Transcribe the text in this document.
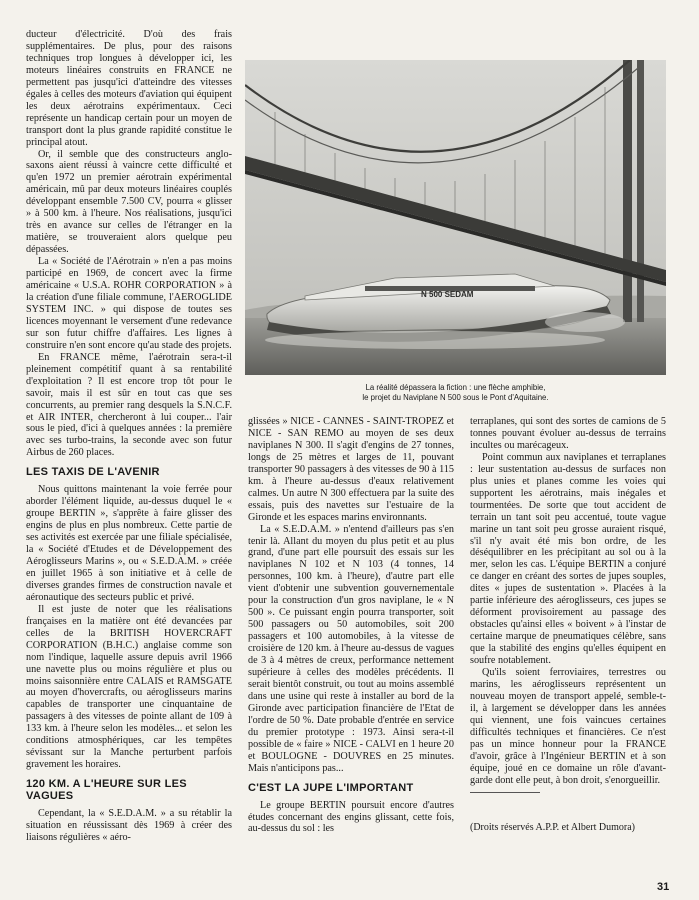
ducteur d'électricité. D'où des frais supplémentaires. De plus, pour des raisons techniques trop longues à développer ici, les moteurs linéaires construits en FRANCE ne permettent pas jusqu'ici d'atteindre des vitesses égales à celles des moteurs d'aviation qui équipent les deux aérotrains expérimentaux. Ceci représente un handicap certain pour un moyen de transport dont la plus grande rapidité constitue le principal atout.

Or, il semble que des constructeurs anglo-saxons aient réussi à vaincre cette difficulté et qu'en 1972 un premier aérotrain expérimental américain, mû par deux moteurs linéaires couplés développant ensemble 7.500 CV, pourra « glisser » à 500 km. à l'heure. Nos réalisations, jusqu'ici très en avance sur celles de l'étranger en la matière, se trouveraient alors quelque peu dépassées.

La « Société de l'Aérotrain » n'en a pas moins participé en 1969, de concert avec la firme américaine « U.S.A. ROHR CORPORATION » à la création d'une filiale commune, l'AEROGLIDE SYSTEM INC. » qui dispose de toutes ses licences moyennant le versement d'une redevance sur son futur chiffre d'affaires. Les lignes à construire n'en sont encore qu'au stade des projets.

En FRANCE même, l'aérotrain sera-t-il pleinement compétitif quant à sa rentabilité d'exploitation ? Il est encore trop tôt pour le savoir, mais il est sûr en tout cas que ses concurrents, au premier rang desquels la S.N.C.F. et AIR INTER, chercheront à lui couper... l'air sous le pied, d'ici à quelques années : la première avec ses turbo-trains, la seconde avec son futur Airbus de 260 places.

LES TAXIS DE L'AVENIR

Nous quittons maintenant la voie ferrée pour aborder l'élément liquide, au-dessus duquel le « groupe BERTIN », s'apprête à faire glisser des engins de plus en plus nombreux. Cette partie de ses activités est exercée par une filiale spécialisée, la « Société d'Etudes et de Développement des Aéroglisseurs Marins », ou « S.E.D.A.M. » créée en juillet 1965 à son initiative et à celle de diverses grandes firmes de construction navale et aéronautique des secteurs public et privé.

Il est juste de noter que les réalisations françaises en la matière ont été devancées par celles de la BRITISH HOVERCRAFT CORPORATION (B.H.C.) anglaise comme son nom l'indique, laquelle assure depuis avril 1966 une navette plus ou moins régulière et plus ou moins saisonnière entre CALAIS et RAMSGATE au moyen d'hovercrafts, ou aéroglisseurs marins capables de transporter une cinquantaine de passagers à des vitesses de pointe allant de 109 à 133 km. à l'heure selon les modèles... et selon les conditions atmosphériques, car les tempêtes sévissant sur la Manche perturbent parfois gravement les horaires.

120 KM. A L'HEURE SUR LES VAGUES

Cependant, la « S.E.D.A.M. » a su rétablir la situation en réussissant dès 1969 à créer des liaisons régulières « aéro-

N 500 SEDAM
La réalité dépassera la fiction : une flèche amphibie,
le projet du Naviplane N 500 sous le Pont d'Aquitaine.

glissées » NICE - CANNES - SAINT-TROPEZ et NICE - SAN REMO au moyen de ses deux naviplanes N 300. Il s'agit d'engins de 27 tonnes, longs de 25 mètres et larges de 11, pouvant transporter 90 passagers à des vitesses de 90 à 115 km. à l'heure au-dessus d'eaux relativement calmes. Un autre N 300 effectuera par la suite des essais, puis des navettes sur l'estuaire de la Gironde et les espaces marins environnants.

La « S.E.D.A.M. » n'entend d'ailleurs pas s'en tenir là. Allant du moyen du plus petit et au plus grand, d'une part elle poursuit des essais sur les naviplanes N 102 et N 103 (4 tonnes, 14 personnes, 100 km. à l'heure), d'autre part elle vient d'obtenir une subvention gouvernementale pour la construction d'un gros naviplane, le « N 500 ». Ce puissant engin pourra transporter, soit 500 passagers ou 50 automobiles, soit 200 passagers et 100 automobiles, à la vitesse de croisière de 120 km. à l'heure au-dessus de vagues de 3 à 4 mètres de creux, performance nettement supérieure à celles des modèles précédents. Il serait bientôt construit, ou tout au moins assemblé dans une usine qui reste à installer au bord de la Gironde avec participation financière de l'Etat de l'ordre de 50 %. Date probable d'entrée en service du premier prototype : 1973. Ainsi sera-t-il possible de « faire » NICE - CALVI en 1 heure 20 et BOULOGNE - DOUVRES en 25 minutes. Mais n'anticipons pas...

C'EST LA JUPE L'IMPORTANT

Le groupe BERTIN poursuit encore d'autres études concernant des engins glissant, cette fois, au-dessus du sol : les

terraplanes, qui sont des sortes de camions de 5 tonnes pouvant évoluer au-dessus de terrains incultes ou marécageux.

Point commun aux naviplanes et terraplanes : leur sustentation au-dessus de surfaces non plus unies et planes comme les voies qui supportent les aérotrains, mais inégales et tourmentées. De sorte que tout accident de terrain un tant soit peu accentué, toute vague marine un tant soit peu grosse auraient risqué, s'il n'y avait été mis bon ordre, de les déséquilibrer en les précipitant au sol ou à la mer, selon les cas. L'équipe BERTIN a conjuré ce danger en créant des sortes de jupes souples, dites « jupes de sustentation ». Placées à la partie inférieure des aéroglisseurs, ces jupes se déforment provisoirement au passage des obstacles qu'ainsi elles « boivent » à l'instar de certaine marque de pneumatiques célèbre, sans que la stabilité des engins qu'elles équipent en soufre notablement.

Qu'ils soient ferroviaires, terrestres ou marins, les aéroglisseurs représentent un nouveau moyen de transport appelé, semble-t-il, à largement se développer dans les années qui viennent, une fois vaincues certaines difficultés techniques et financières. Ce n'est pas un mince honneur pour la FRANCE d'avoir, grâce à l'Ingénieur BERTIN et à son équipe, joué en ce domaine un rôle d'avant-garde dont elle peut, à bon droit, s'enorgueillir.

(Droits réservés A.P.P. et Albert Dumora)
31
